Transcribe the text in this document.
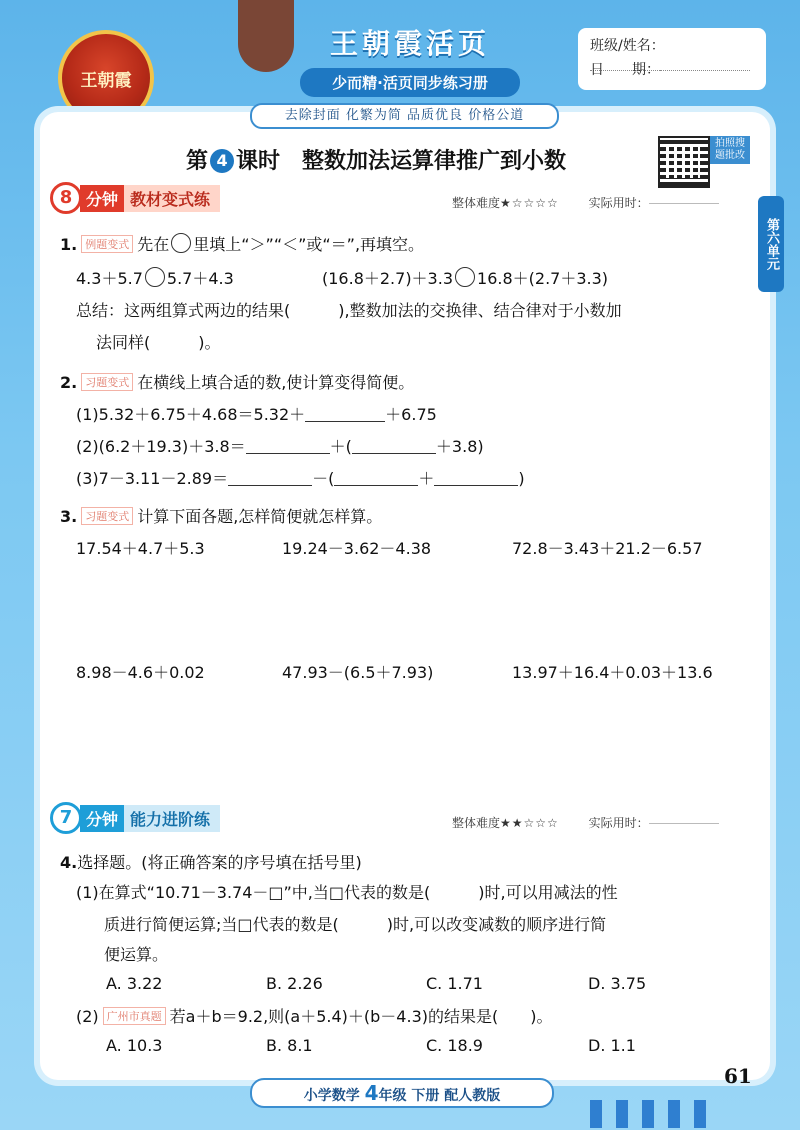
王朝霞
王朝霞活页
少而精·活页同步练习册
班级/姓名：
日　　期：
去除封面 化繁为简 品质优良 价格公道
第 4 课时　整数加法运算律推广到小数
拍照搜题批改
第六单元
8 分钟 教材变式练	整体难度★☆☆☆☆ 实际用时：
1. 例题变式 先在 里填上“＞”“＜”或“＝”,再填空。
4.3＋5.7 5.7＋4.3	(16.8＋2.7)＋3.3 16.8＋(2.7＋3.3)
总结：这两组算式两边的结果(　　　),整数加法的交换律、结合律对于小数加
法同样(　　　)。
2. 习题变式 在横线上填合适的数,使计算变得简便。
(1)5.32＋6.75＋4.68＝5.32＋	＋6.75
(2)(6.2＋19.3)＋3.8＝	＋(	＋3.8)
(3)7－3.11－2.89＝	－(	＋	)
3. 习题变式 计算下面各题,怎样简便就怎样算。
17.54＋4.7＋5.3	19.24－3.62－4.38	72.8－3.43＋21.2－6.57
8.98－4.6＋0.02	47.93－(6.5＋7.93)	13.97＋16.4＋0.03＋13.6
7 分钟 能力进阶练	整体难度★★☆☆☆ 实际用时：
4.选择题。(将正确答案的序号填在括号里)
(1)在算式“10.71－3.74－□”中,当□代表的数是(　　　)时,可以用减法的性
质进行简便运算;当□代表的数是(　　　)时,可以改变减数的顺序进行简
便运算。
A. 3.22	B. 2.26	C. 1.71	D. 3.75
(2) 广州市真题 若a＋b＝9.2,则(a＋5.4)＋(b－4.3)的结果是(　　)。
A. 10.3	B. 8.1	C. 18.9	D. 1.1
61
小学数学 4年级 下册 配人教版
